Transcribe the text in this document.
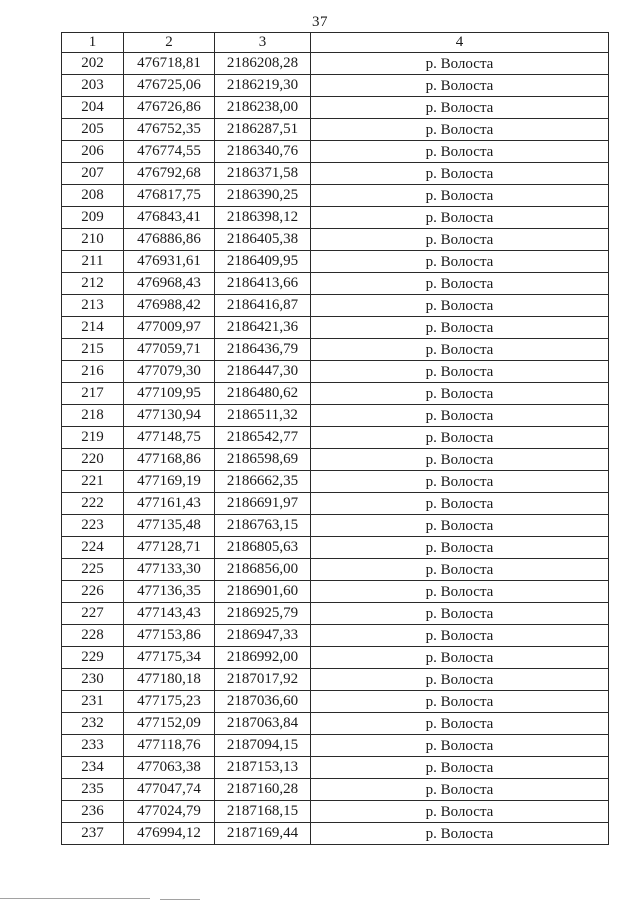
37
1	2	3	4
202	476718,81	2186208,28	р. Волоста
203	476725,06	2186219,30	р. Волоста
204	476726,86	2186238,00	р. Волоста
205	476752,35	2186287,51	р. Волоста
206	476774,55	2186340,76	р. Волоста
207	476792,68	2186371,58	р. Волоста
208	476817,75	2186390,25	р. Волоста
209	476843,41	2186398,12	р. Волоста
210	476886,86	2186405,38	р. Волоста
211	476931,61	2186409,95	р. Волоста
212	476968,43	2186413,66	р. Волоста
213	476988,42	2186416,87	р. Волоста
214	477009,97	2186421,36	р. Волоста
215	477059,71	2186436,79	р. Волоста
216	477079,30	2186447,30	р. Волоста
217	477109,95	2186480,62	р. Волоста
218	477130,94	2186511,32	р. Волоста
219	477148,75	2186542,77	р. Волоста
220	477168,86	2186598,69	р. Волоста
221	477169,19	2186662,35	р. Волоста
222	477161,43	2186691,97	р. Волоста
223	477135,48	2186763,15	р. Волоста
224	477128,71	2186805,63	р. Волоста
225	477133,30	2186856,00	р. Волоста
226	477136,35	2186901,60	р. Волоста
227	477143,43	2186925,79	р. Волоста
228	477153,86	2186947,33	р. Волоста
229	477175,34	2186992,00	р. Волоста
230	477180,18	2187017,92	р. Волоста
231	477175,23	2187036,60	р. Волоста
232	477152,09	2187063,84	р. Волоста
233	477118,76	2187094,15	р. Волоста
234	477063,38	2187153,13	р. Волоста
235	477047,74	2187160,28	р. Волоста
236	477024,79	2187168,15	р. Волоста
237	476994,12	2187169,44	р. Волоста
